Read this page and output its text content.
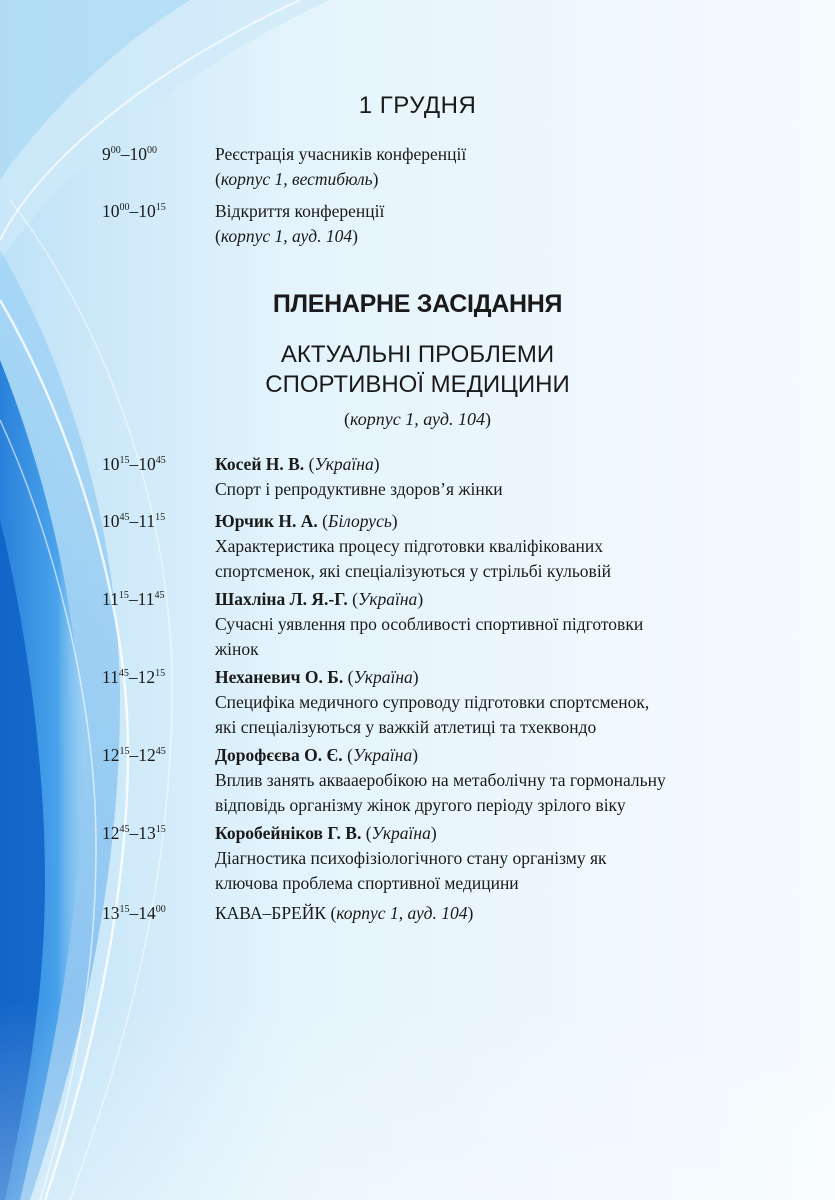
1 ГРУДНЯ
$9^{00}-10^{00}$	Реєстрація учасників конференції
(корпус 1, вестибюль)
$10^{00}-10^{15}$	Відкриття конференції
(корпус 1, ауд. 104)
ПЛЕНАРНЕ ЗАСІДАННЯ
АКТУАЛЬНІ ПРОБЛЕМИ
СПОРТИВНОЇ МЕДИЦИНИ
(корпус 1, ауд. 104)
$10^{15}-10^{45}$	Косей Н. В. (Україна)
Спорт і репродуктивне здоров’я жінки
$10^{45}-11^{15}$	Юрчик Н. А. (Білорусь)
Характеристика процесу підготовки кваліфікованих
спортсменок, які спеціалізуються у стрільбі кульовій
$11^{15}-11^{45}$	Шахліна Л. Я.-Г. (Україна)
Сучасні уявлення про особливості спортивної підготовки
жінок
$11^{45}-12^{15}$	Неханевич О. Б. (Україна)
Специфіка медичного супроводу підготовки спортсменок,
які спеціалізуються у важкій атлетиці та тхеквондо
$12^{15}-12^{45}$	Дорофєєва О. Є. (Україна)
Вплив занять аквааеробікою на метаболічну та гормональну
відповідь організму жінок другого періоду зрілого віку
$12^{45}-13^{15}$	Коробейніков Г. В. (Україна)
Діагностика психофізіологічного стану організму як
ключова проблема спортивної медицини
$13^{15}-14^{00}$	КАВА–БРЕЙК (корпус 1, ауд. 104)
